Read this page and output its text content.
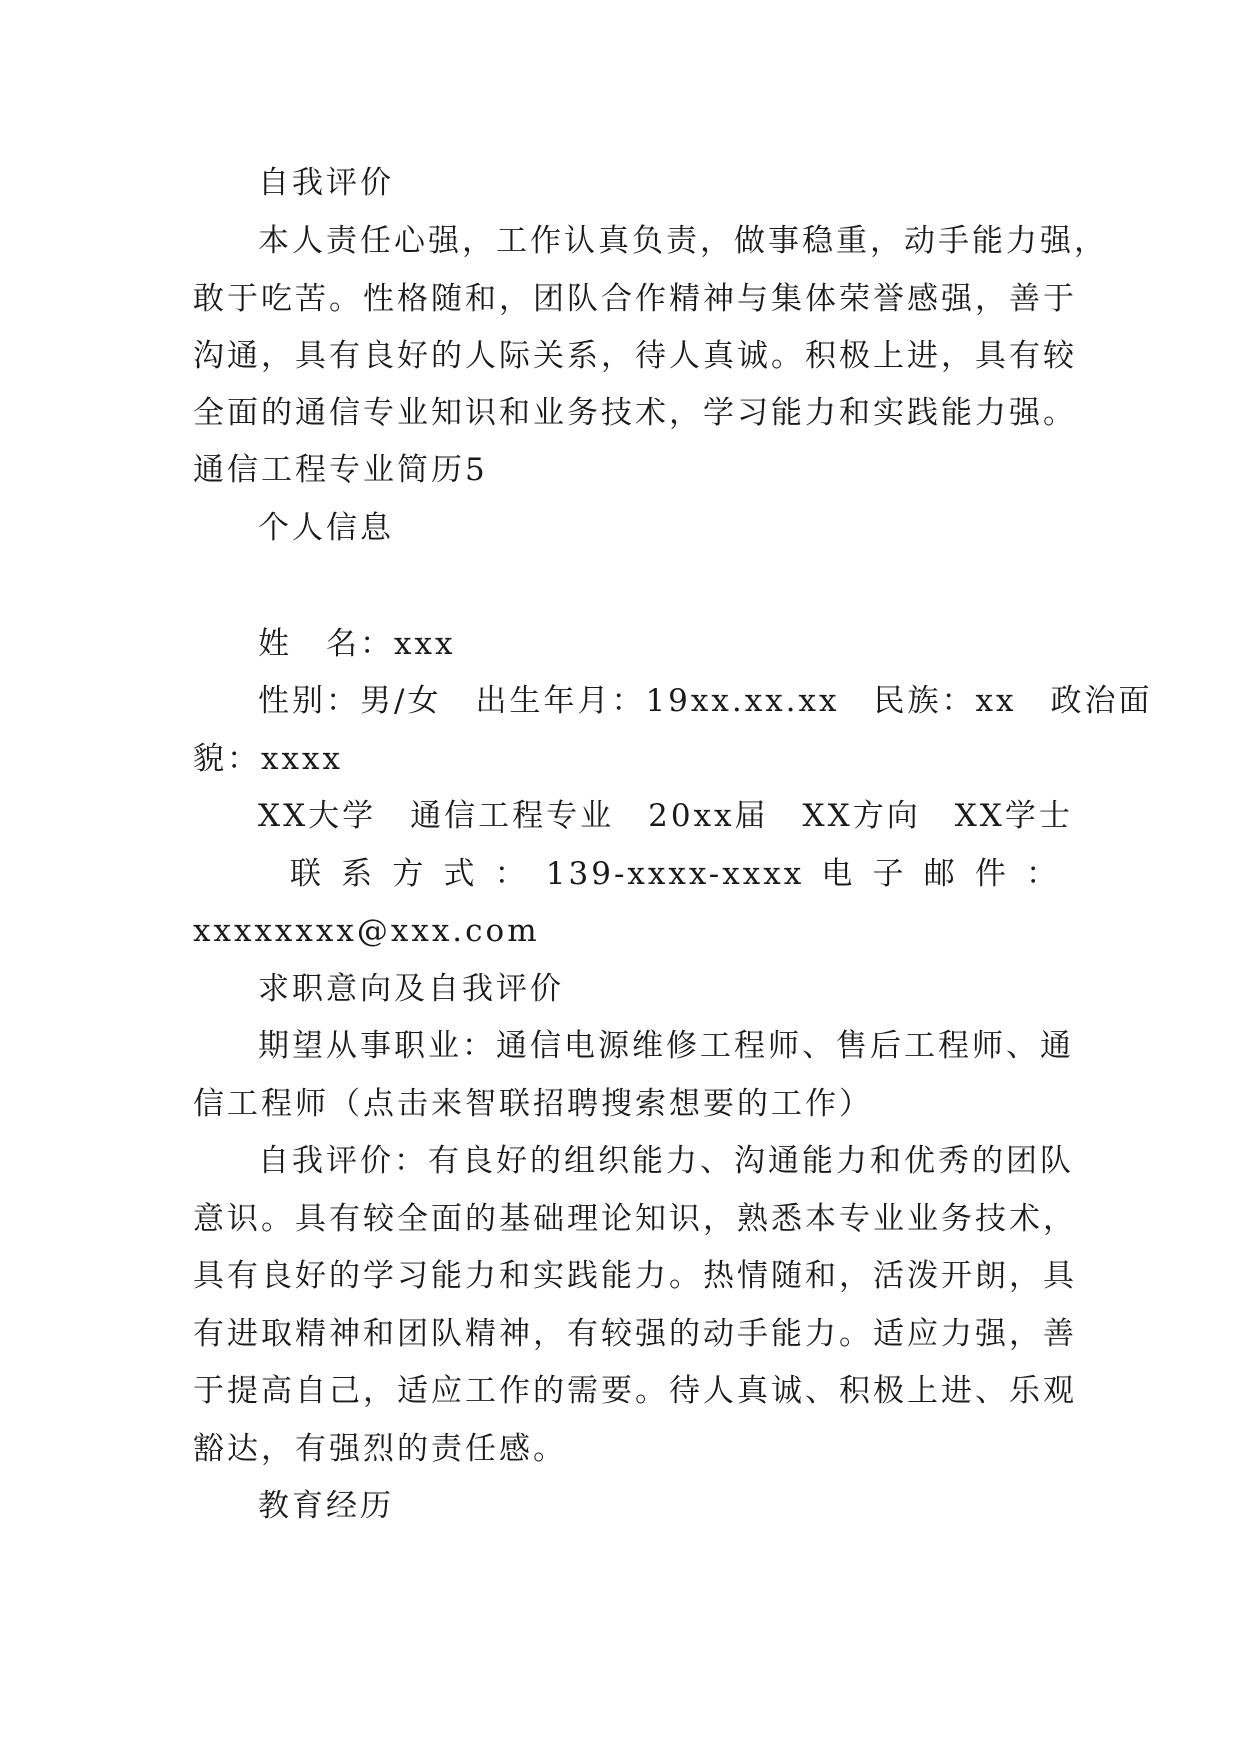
自我评价
本人责任心强，工作认真负责，做事稳重，动手能力强，
敢于吃苦。性格随和，团队合作精神与集体荣誉感强，善于
沟通，具有良好的人际关系，待人真诚。积极上进，具有较
全面的通信专业知识和业务技术，学习能力和实践能力强。
通信工程专业简历5
个人信息
姓　名：xxx
性别：男/女　出生年月：19xx.xx.xx　民族：xx　政治面
貌：xxxx
XX大学　通信工程专业　20xx届　XX方向　XX学士
联 系 方 式 ： 139-xxxx-xxxx 电 子 邮 件 ：
xxxxxxxx@xxx.com
求职意向及自我评价
期望从事职业：通信电源维修工程师、售后工程师、通
信工程师（点击来智联招聘搜索想要的工作）
自我评价：有良好的组织能力、沟通能力和优秀的团队
意识。具有较全面的基础理论知识，熟悉本专业业务技术，
具有良好的学习能力和实践能力。热情随和，活泼开朗，具
有进取精神和团队精神，有较强的动手能力。适应力强，善
于提高自己，适应工作的需要。待人真诚、积极上进、乐观
豁达，有强烈的责任感。
教育经历
